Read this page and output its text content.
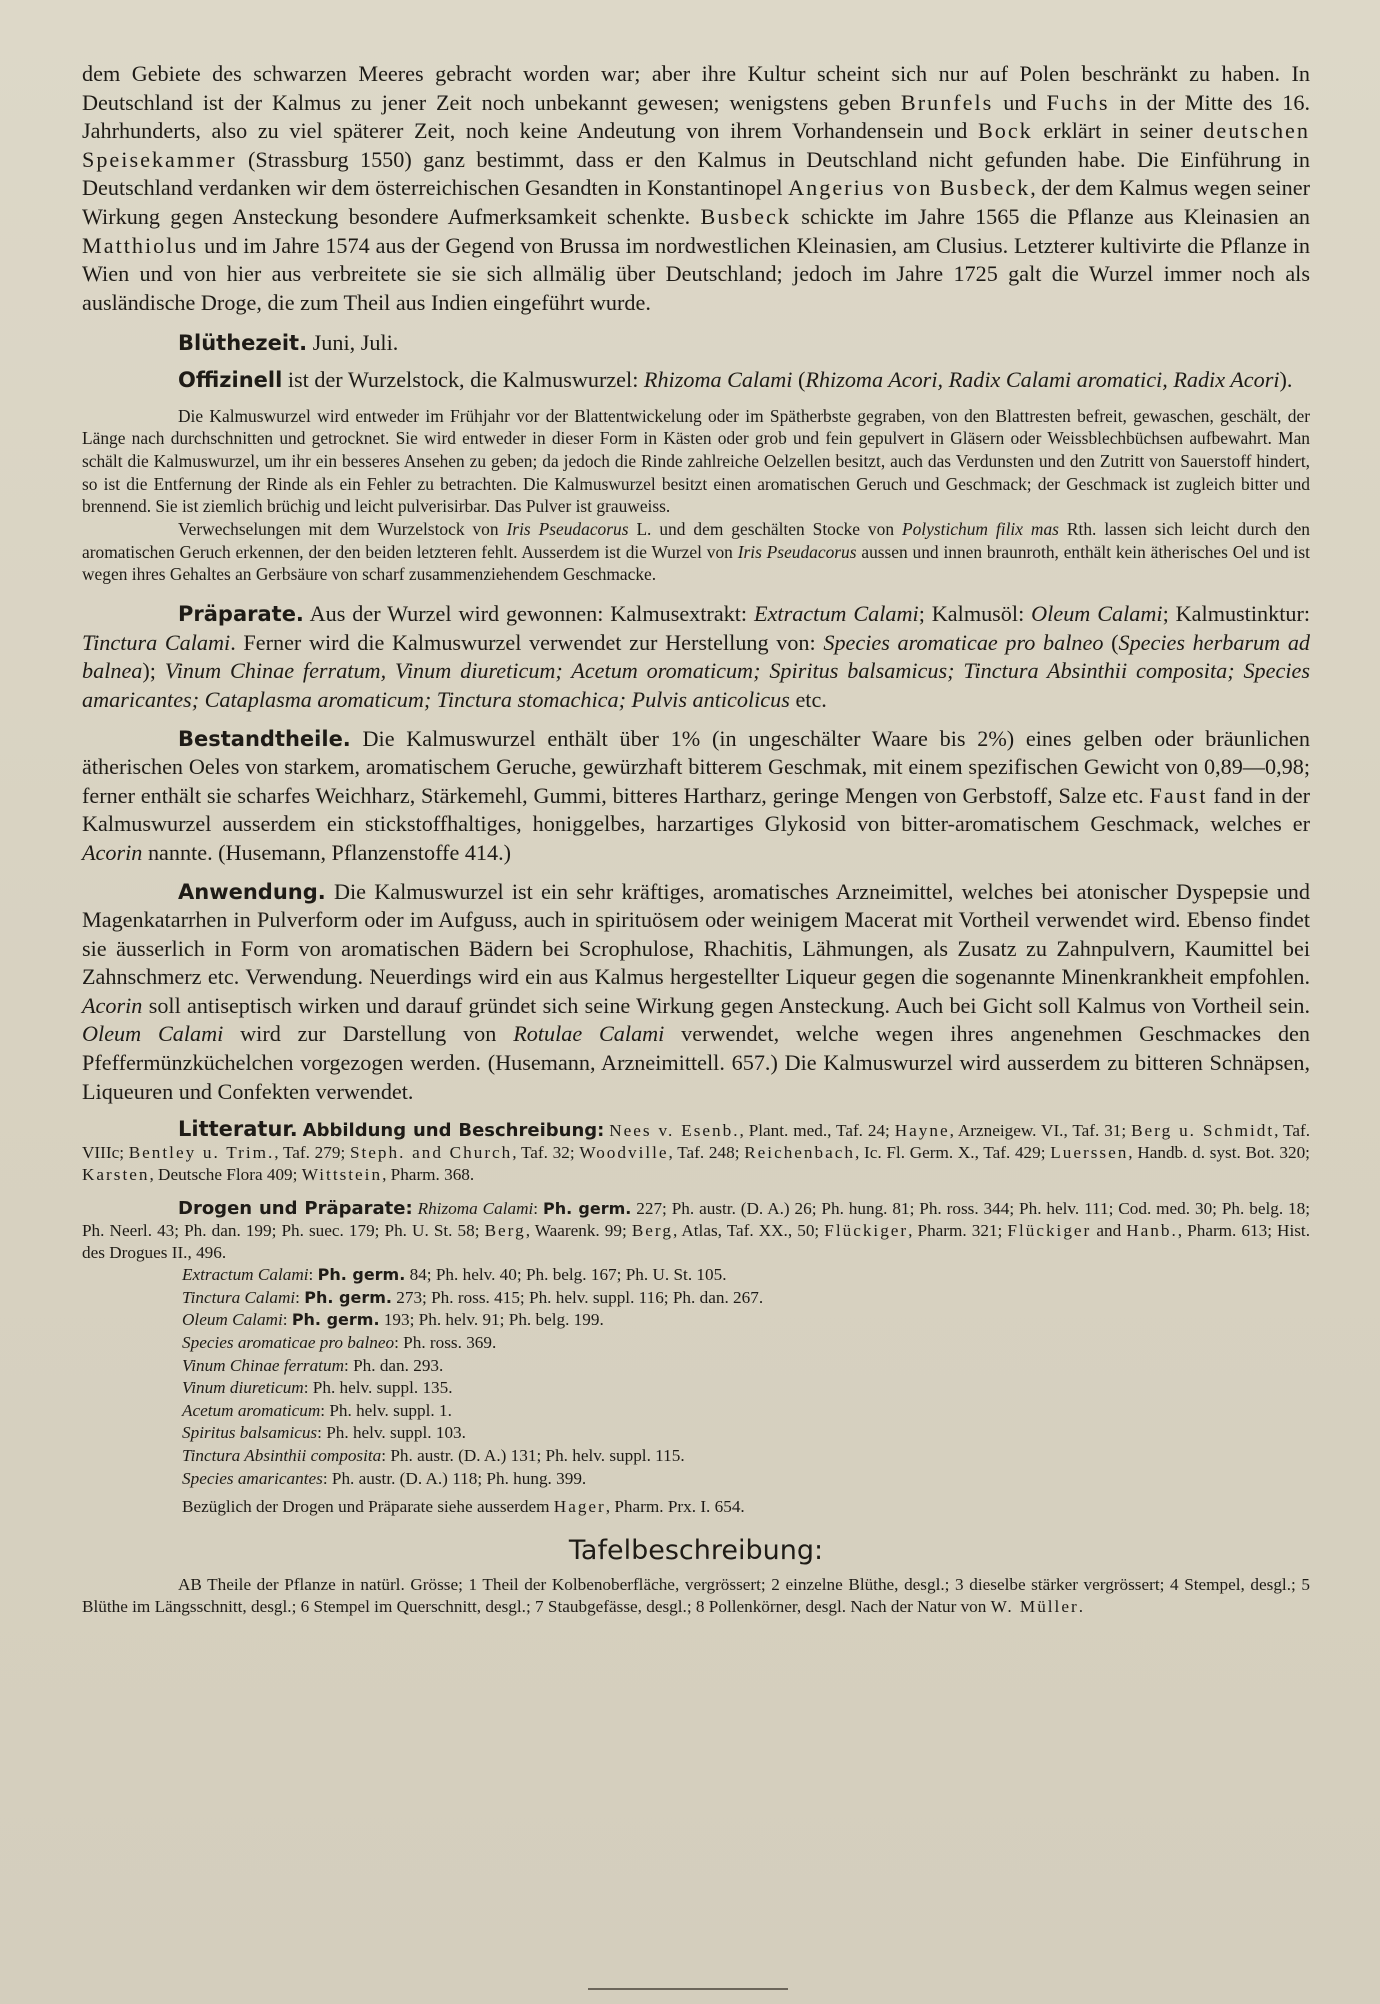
dem Gebiete des schwarzen Meeres gebracht worden war; aber ihre Kultur scheint sich nur auf Polen beschränkt zu haben. In Deutschland ist der Kalmus zu jener Zeit noch unbekannt gewesen; wenigstens geben Brunfels und Fuchs in der Mitte des 16. Jahrhunderts, also zu viel späterer Zeit, noch keine Andeutung von ihrem Vorhandensein und Bock erklärt in seiner deutschen Speisekammer (Strassburg 1550) ganz bestimmt, dass er den Kalmus in Deutschland nicht gefunden habe. Die Einführung in Deutschland verdanken wir dem österreichischen Gesandten in Konstantinopel Angerius von Busbeck, der dem Kalmus wegen seiner Wirkung gegen Ansteckung besondere Aufmerksamkeit schenkte. Busbeck schickte im Jahre 1565 die Pflanze aus Kleinasien an Matthiolus und im Jahre 1574 aus der Gegend von Brussa im nordwestlichen Kleinasien, am Clusius. Letzterer kultivirte die Pflanze in Wien und von hier aus verbreitete sie sie sich allmälig über Deutschland; jedoch im Jahre 1725 galt die Wurzel immer noch als ausländische Droge, die zum Theil aus Indien eingeführt wurde.

Blüthezeit. Juni, Juli.

Offizinell ist der Wurzelstock, die Kalmuswurzel: Rhizoma Calami (Rhizoma Acori, Radix Calami aromatici, Radix Acori).

Die Kalmuswurzel wird entweder im Frühjahr vor der Blattentwickelung oder im Spätherbste gegraben, von den Blattresten befreit, gewaschen, geschält, der Länge nach durchschnitten und getrocknet. Sie wird entweder in dieser Form in Kästen oder grob und fein gepulvert in Gläsern oder Weissblechbüchsen aufbewahrt. Man schält die Kalmuswurzel, um ihr ein besseres Ansehen zu geben; da jedoch die Rinde zahlreiche Oelzellen besitzt, auch das Verdunsten und den Zutritt von Sauerstoff hindert, so ist die Entfernung der Rinde als ein Fehler zu betrachten. Die Kalmuswurzel besitzt einen aromatischen Geruch und Geschmack; der Geschmack ist zugleich bitter und brennend. Sie ist ziemlich brüchig und leicht pulverisirbar. Das Pulver ist grauweiss.

Verwechselungen mit dem Wurzelstock von Iris Pseudacorus L. und dem geschälten Stocke von Polystichum filix mas Rth. lassen sich leicht durch den aromatischen Geruch erkennen, der den beiden letzteren fehlt. Ausserdem ist die Wurzel von Iris Pseudacorus aussen und innen braunroth, enthält kein ätherisches Oel und ist wegen ihres Gehaltes an Gerbsäure von scharf zusammenziehendem Geschmacke.

Präparate. Aus der Wurzel wird gewonnen: Kalmusextrakt: Extractum Calami; Kalmusöl: Oleum Calami; Kalmustinktur: Tinctura Calami. Ferner wird die Kalmuswurzel verwendet zur Herstellung von: Species aromaticae pro balneo (Species herbarum ad balnea); Vinum Chinae ferratum, Vinum diureticum; Acetum oromaticum; Spiritus balsamicus; Tinctura Absinthii composita; Species amaricantes; Cataplasma aromaticum; Tinctura stomachica; Pulvis anticolicus etc.

Bestandtheile. Die Kalmuswurzel enthält über 1% (in ungeschälter Waare bis 2%) eines gelben oder bräunlichen ätherischen Oeles von starkem, aromatischem Geruche, gewürzhaft bitterem Geschmak, mit einem spezifischen Gewicht von 0,89—0,98; ferner enthält sie scharfes Weichharz, Stärkemehl, Gummi, bitteres Hartharz, geringe Mengen von Gerbstoff, Salze etc. Faust fand in der Kalmuswurzel ausserdem ein stickstoffhaltiges, honiggelbes, harzartiges Glykosid von bitter-aromatischem Geschmack, welches er Acorin nannte. (Husemann, Pflanzenstoffe 414.)

Anwendung. Die Kalmuswurzel ist ein sehr kräftiges, aromatisches Arzneimittel, welches bei atonischer Dyspepsie und Magenkatarrhen in Pulverform oder im Aufguss, auch in spirituösem oder weinigem Macerat mit Vortheil verwendet wird. Ebenso findet sie äusserlich in Form von aromatischen Bädern bei Scrophulose, Rhachitis, Lähmungen, als Zusatz zu Zahnpulvern, Kaumittel bei Zahnschmerz etc. Verwendung. Neuerdings wird ein aus Kalmus hergestellter Liqueur gegen die sogenannte Minenkrankheit empfohlen. Acorin soll antiseptisch wirken und darauf gründet sich seine Wirkung gegen Ansteckung. Auch bei Gicht soll Kalmus von Vortheil sein. Oleum Calami wird zur Darstellung von Rotulae Calami verwendet, welche wegen ihres angenehmen Geschmackes den Pfeffermünzküchelchen vorgezogen werden. (Husemann, Arzneimittell. 657.) Die Kalmuswurzel wird ausserdem zu bitteren Schnäpsen, Liqueuren und Confekten verwendet.

Litteratur. Abbildung und Beschreibung: Nees v. Esenb., Plant. med., Taf. 24; Hayne, Arzneigew. VI., Taf. 31; Berg u. Schmidt, Taf. VIIIc; Bentley u. Trim., Taf. 279; Steph. and Church, Taf. 32; Woodville, Taf. 248; Reichenbach, Ic. Fl. Germ. X., Taf. 429; Luerssen, Handb. d. syst. Bot. 320; Karsten, Deutsche Flora 409; Wittstein, Pharm. 368.

Drogen und Präparate: Rhizoma Calami: Ph. germ. 227; Ph. austr. (D. A.) 26; Ph. hung. 81; Ph. ross. 344; Ph. helv. 111; Cod. med. 30; Ph. belg. 18; Ph. Neerl. 43; Ph. dan. 199; Ph. suec. 179; Ph. U. St. 58; Berg, Waarenk. 99; Berg, Atlas, Taf. XX., 50; Flückiger, Pharm. 321; Flückiger and Hanb., Pharm. 613; Hist. des Drogues II., 496.

Extractum Calami: Ph. germ. 84; Ph. helv. 40; Ph. belg. 167; Ph. U. St. 105.
Tinctura Calami: Ph. germ. 273; Ph. ross. 415; Ph. helv. suppl. 116; Ph. dan. 267.
Oleum Calami: Ph. germ. 193; Ph. helv. 91; Ph. belg. 199.
Species aromaticae pro balneo: Ph. ross. 369.
Vinum Chinae ferratum: Ph. dan. 293.
Vinum diureticum: Ph. helv. suppl. 135.
Acetum aromaticum: Ph. helv. suppl. 1.
Spiritus balsamicus: Ph. helv. suppl. 103.
Tinctura Absinthii composita: Ph. austr. (D. A.) 131; Ph. helv. suppl. 115.
Species amaricantes: Ph. austr. (D. A.) 118; Ph. hung. 399.
Bezüglich der Drogen und Präparate siehe ausserdem Hager, Pharm. Prx. I. 654.
Tafelbeschreibung:

AB Theile der Pflanze in natürl. Grösse; 1 Theil der Kolbenoberfläche, vergrössert; 2 einzelne Blüthe, desgl.; 3 dieselbe stärker vergrössert; 4 Stempel, desgl.; 5 Blüthe im Längsschnitt, desgl.; 6 Stempel im Querschnitt, desgl.; 7 Staubgefässe, desgl.; 8 Pollenkörner, desgl. Nach der Natur von W. Müller.
